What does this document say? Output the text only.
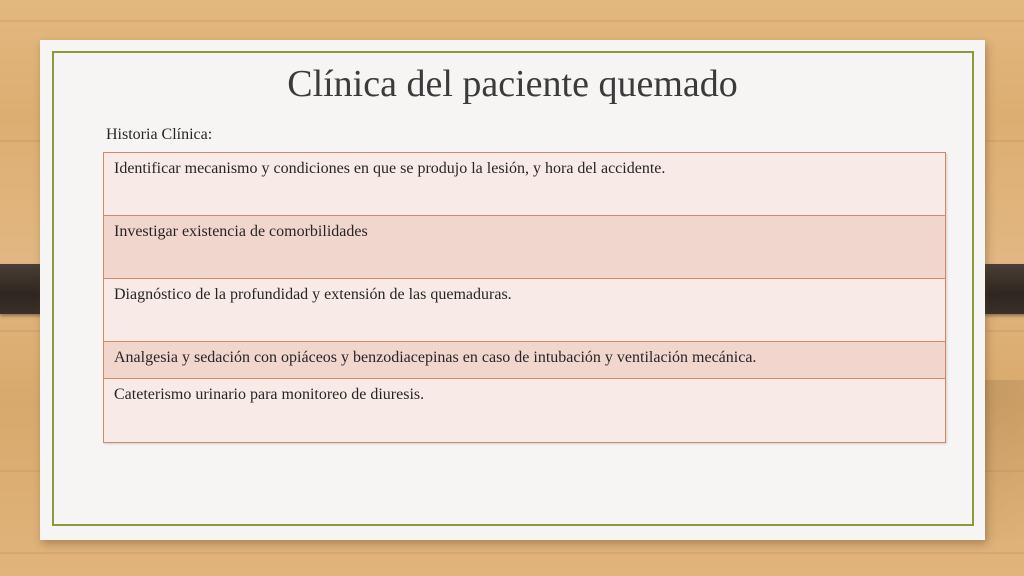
Clínica del paciente quemado
Historia Clínica:
Identificar mecanismo y condiciones en que se produjo la lesión, y hora del accidente.
Investigar existencia de comorbilidades
Diagnóstico de la profundidad y extensión de las quemaduras.
Analgesia y sedación con opiáceos y benzodiacepinas en caso de intubación y ventilación mecánica.
Cateterismo urinario para monitoreo de diuresis.
